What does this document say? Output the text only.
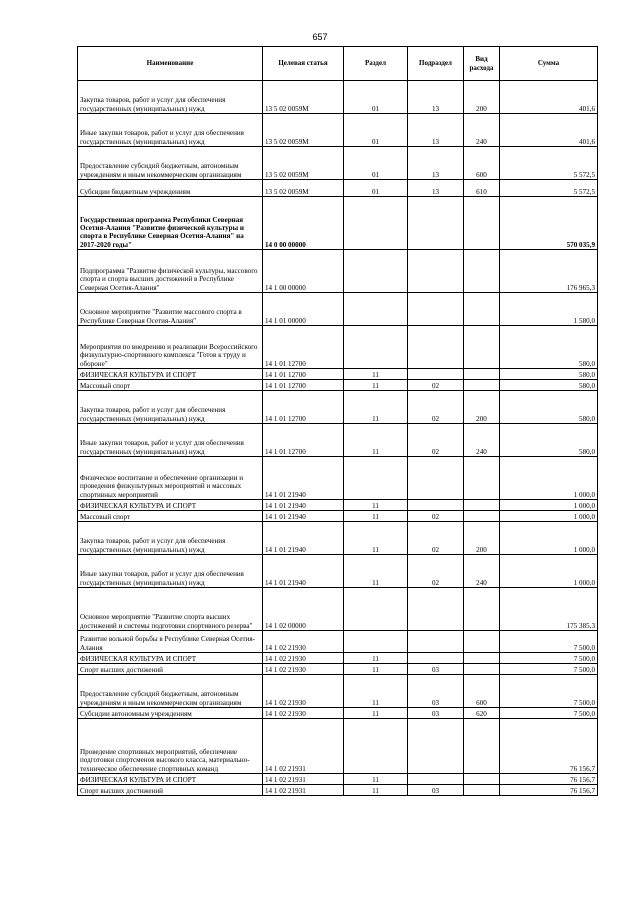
657
Наименование	Целевая статья	Раздел	Подраздел	Вид расхода	Сумма
Закупка товаров, работ и услуг для обеспечения государственных (муниципальных) нужд	13 5 02 0059М	01	13	200	401,6
Иные закупки товаров, работ и услуг для обеспечения государственных (муниципальных) нужд	13 5 02 0059М	01	13	240	401,6
Предоставление субсидий бюджетным, автономным учреждениям и иным некоммерческим организациям	13 5 02 0059М	01	13	600	5 572,5
Субсидии бюджетным учреждениям	13 5 02 0059М	01	13	610	5 572,5
Государственная программа Республики Северная Осетия-Алания "Развитие физической культуры и спорта в Республике Северная Осетия-Алания" на 2017-2020 годы"	14 0 00 00000				570 035,9
Подпрограмма "Развитие физической культуры, массового спорта и спорта высших достижений в Республике Северная Осетия-Алания"	14 1 00 00000				176 965,3
Основное мероприятие "Развитие массового спорта в Республике Северная Осетия-Алания"	14 1 01 00000				1 580,0
Мероприятия по внедрению и реализации Всероссийского физкультурно-спортивного комплекса "Готов к труду и обороне"	14 1 01 12700				580,0
ФИЗИЧЕСКАЯ КУЛЬТУРА И СПОРТ	14 1 01 12700	11			580,0
Массовый спорт	14 1 01 12700	11	02		580,0
Закупка товаров, работ и услуг для обеспечения государственных (муниципальных) нужд	14 1 01 12700	11	02	200	580,0
Иные закупки товаров, работ и услуг для обеспечения государственных (муниципальных) нужд	14 1 01 12700	11	02	240	580,0
Физическое воспитание и обеспечение организации и проведения физкультурных мероприятий и массовых спортивных мероприятий	14 1 01 21940				1 000,0
ФИЗИЧЕСКАЯ КУЛЬТУРА И СПОРТ	14 1 01 21940	11			1 000,0
Массовый спорт	14 1 01 21940	11	02		1 000,0
Закупка товаров, работ и услуг для обеспечения государственных (муниципальных) нужд	14 1 01 21940	11	02	200	1 000,0
Иные закупки товаров, работ и услуг для обеспечения государственных (муниципальных) нужд	14 1 01 21940	11	02	240	1 000,0
Основное мероприятие "Развитие спорта высших достижений и системы подготовки спортивного резерва"	14 1 02 00000				175 385,3
Развитие вольной борьбы в Республике Северная Осетия-Алания	14 1 02 21930				7 500,0
ФИЗИЧЕСКАЯ КУЛЬТУРА И СПОРТ	14 1 02 21930	11			7 500,0
Спорт высших достижений	14 1 02 21930	11	03		7 500,0
Предоставление субсидий бюджетным, автономным учреждениям и иным некоммерческим организациям	14 1 02 21930	11	03	600	7 500,0
Субсидии автономным учреждениям	14 1 02 21930	11	03	620	7 500,0
Проведение спортивных мероприятий, обеспечение подготовки спортсменов высокого класса, материально-техническое обеспечение спортивных команд	14 1 02 21931				76 156,7
ФИЗИЧЕСКАЯ КУЛЬТУРА И СПОРТ	14 1 02 21931	11			76 156,7
Спорт высших достижений	14 1 02 21931	11	03		76 156,7
